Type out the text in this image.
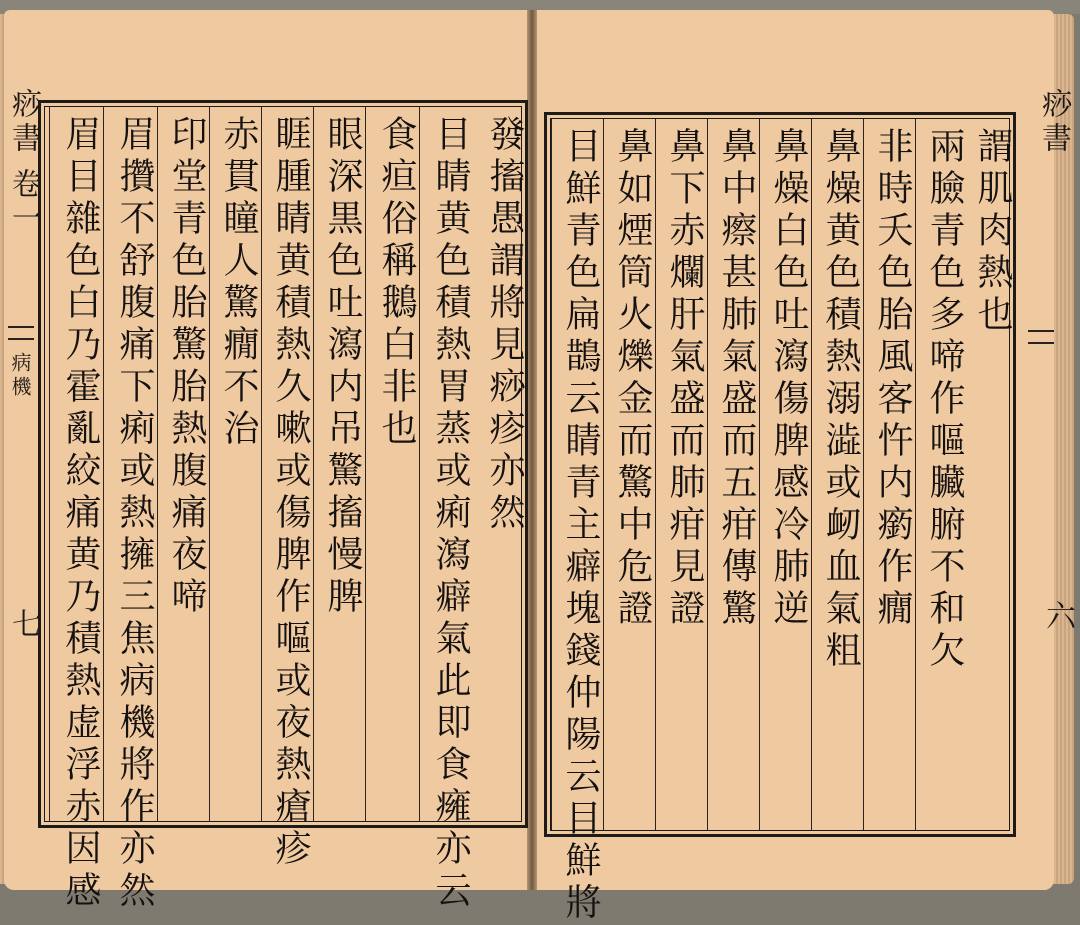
痧書
卷一
病機
七
痧書
六
發搐愚謂將見痧疹亦然
目睛黄色積熱胃蒸或痢瀉癖氣此即食㿈亦云
食疸俗稱鵝白非也
眼深黒色吐瀉内吊驚搐慢脾
睚腫睛黄積熱久嗽或傷脾作嘔或夜熱瘡疹
赤貫瞳人驚癇不治
印堂青色胎驚胎熱腹痛夜啼
眉攢不舒腹痛下痢或熱擁三焦病機將作亦然
眉目雜色白乃霍亂絞痛黄乃積熱虚浮赤因感
謂肌肉熱也
兩臉青色多啼作嘔臟腑不和欠
非時夭色胎風客忤内瘹作癇
鼻燥黄色積熱溺澁或衂血氣粗
鼻燥白色吐瀉傷脾感冷肺逆
鼻中瘵甚肺氣盛而五疳傳驚
鼻下赤爛肝氣盛而肺疳見證
鼻如煙筒火爍金而驚中危證
目鮮青色扁鵲云睛青主癖塊錢仲陽云目鮮將
